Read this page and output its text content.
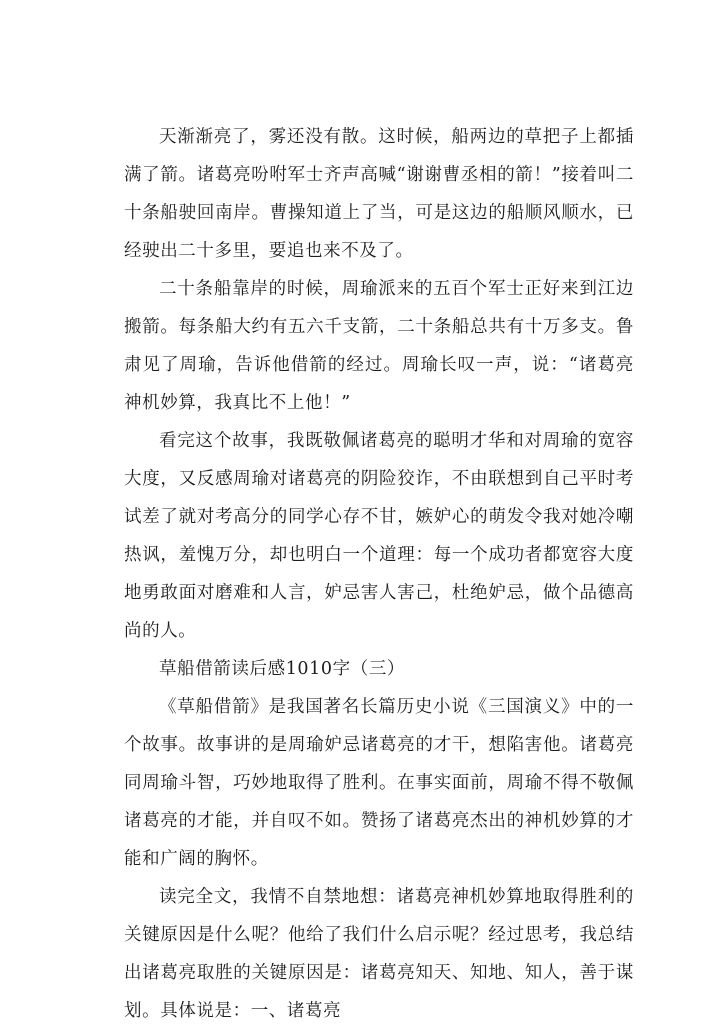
天渐渐亮了，雾还没有散。这时候，船两边的草把子上都插满了箭。诸葛亮吩咐军士齐声高喊“谢谢曹丞相的箭！”接着叫二十条船驶回南岸。曹操知道上了当，可是这边的船顺风顺水，已经驶出二十多里，要追也来不及了。

二十条船靠岸的时候，周瑜派来的五百个军士正好来到江边搬箭。每条船大约有五六千支箭，二十条船总共有十万多支。鲁肃见了周瑜，告诉他借箭的经过。周瑜长叹一声，说：“诸葛亮神机妙算，我真比不上他！”

看完这个故事，我既敬佩诸葛亮的聪明才华和对周瑜的宽容大度，又反感周瑜对诸葛亮的阴险狡诈，不由联想到自己平时考试差了就对考高分的同学心存不甘，嫉妒心的萌发令我对她冷嘲热讽，羞愧万分，却也明白一个道理：每一个成功者都宽容大度地勇敢面对磨难和人言，妒忌害人害己，杜绝妒忌，做个品德高尚的人。

草船借箭读后感1010字（三）

《草船借箭》是我国著名长篇历史小说《三国演义》中的一个故事。故事讲的是周瑜妒忌诸葛亮的才干，想陷害他。诸葛亮同周瑜斗智，巧妙地取得了胜利。在事实面前，周瑜不得不敬佩诸葛亮的才能，并自叹不如。赞扬了诸葛亮杰出的神机妙算的才能和广阔的胸怀。

读完全文，我情不自禁地想：诸葛亮神机妙算地取得胜利的关键原因是什么呢？他给了我们什么启示呢？经过思考，我总结出诸葛亮取胜的关键原因是：诸葛亮知天、知地、知人，善于谋划。具体说是：一、诸葛亮
